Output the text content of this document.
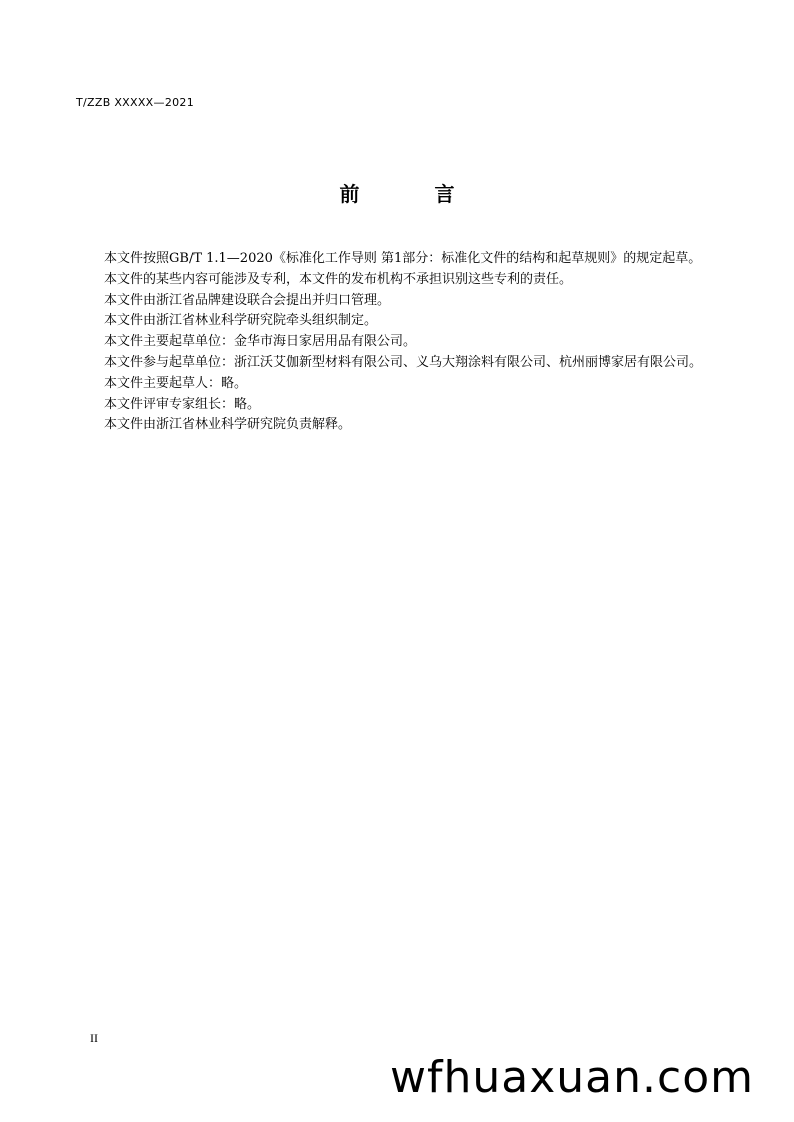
T/ZZB XXXXX—2021
前 言

本文件按照GB/T 1.1—2020《标准化工作导则 第1部分：标准化文件的结构和起草规则》的规定起草。

本文件的某些内容可能涉及专利，本文件的发布机构不承担识别这些专利的责任。

本文件由浙江省品牌建设联合会提出并归口管理。

本文件由浙江省林业科学研究院牵头组织制定。

本文件主要起草单位：金华市海日家居用品有限公司。

本文件参与起草单位：浙江沃艾伽新型材料有限公司、义乌大翔涂料有限公司、杭州丽博家居有限公司。

本文件主要起草人：略。

本文件评审专家组长：略。

本文件由浙江省林业科学研究院负责解释。

II
wfhuaxuan.com
